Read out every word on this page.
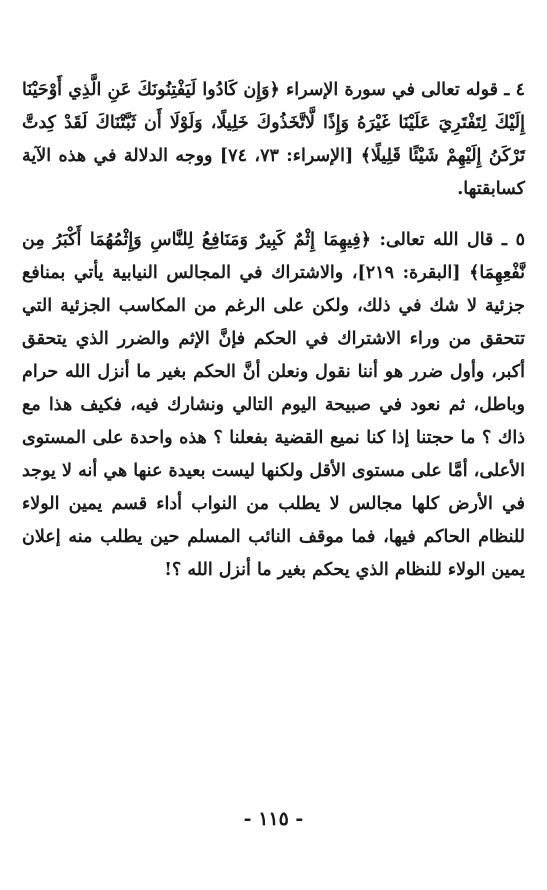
٤ ـ قوله تعالى في سورة الإسراء ﴿وَإِن كَادُوا لَيَفْتِنُونَكَ عَنِ الَّذِي أَوْحَيْنَا إِلَيْكَ لِتَفْتَرِيَ عَلَيْنَا غَيْرَهُ وَإِذًا لَّاتَّخَذُوكَ خَلِيلًا، وَلَوْلَا أَن ثَبَّتْنَاكَ لَقَدْ كِدتَّ تَرْكَنُ إِلَيْهِمْ شَيْئًا قَلِيلًا﴾ [الإسراء: ٧٣، ٧٤] ووجه الدلالة في هذه الآية كسابقتها.

٥ ـ قال الله تعالى: ﴿فِيهِمَا إِثْمٌ كَبِيرٌ وَمَنَافِعُ لِلنَّاسِ وَإِثْمُهُمَا أَكْبَرُ مِن نَّفْعِهِمَا﴾ [البقرة: ٢١٩]، والاشتراك في المجالس النيابية يأتي بمنافع جزئية لا شك في ذلك، ولكن على الرغم من المكاسب الجزئية التي تتحقق من وراء الاشتراك في الحكم فإنَّ الإثم والضرر الذي يتحقق أكبر، وأول ضرر هو أننا نقول ونعلن أنَّ الحكم بغير ما أنزل الله حرام وباطل، ثم نعود في صبيحة اليوم التالي ونشارك فيه، فكيف هذا مع ذاك ؟ ما حجتنا إذا كنا نميع القضية بفعلنا ؟ هذه واحدة على المستوى الأعلى، أمَّا على مستوى الأقل ولكنها ليست بعيدة عنها هي أنه لا يوجد في الأرض كلها مجالس لا يطلب من النواب أداء قسم يمين الولاء للنظام الحاكم فيها، فما موقف النائب المسلم حين يطلب منه إعلان يمين الولاء للنظام الذي يحكم بغير ما أنزل الله ؟!

- ١١٥ -
